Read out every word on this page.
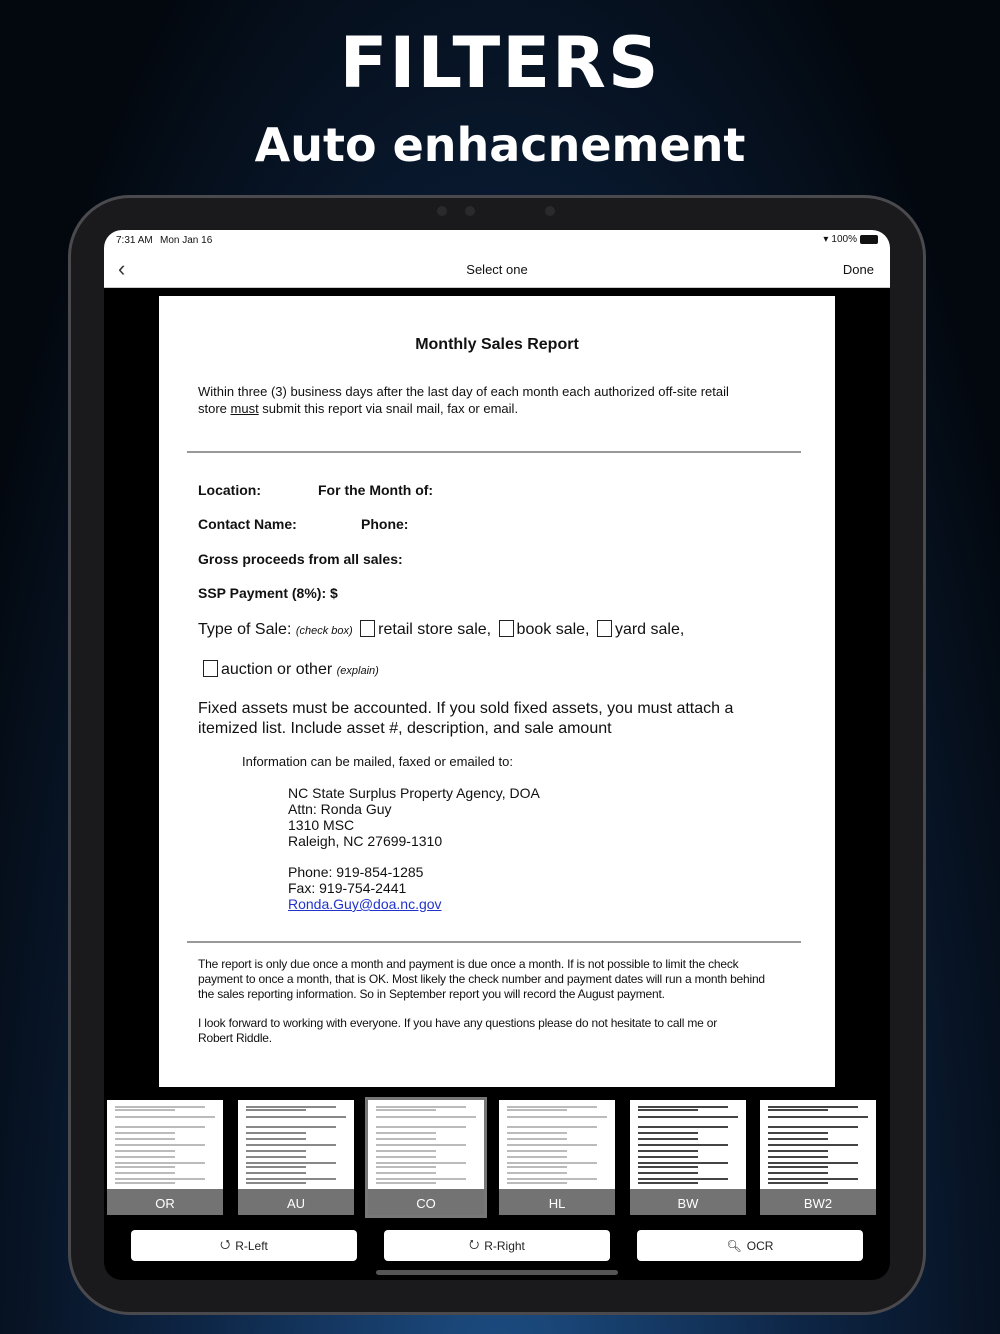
FILTERS
Auto enhacnement
7:31 AM Mon Jan 16	▾ 100%
‹	Select one	Done
Monthly Sales Report
Within three (3) business days after the last day of each month each authorized off-site retail
store must submit this report via snail mail, fax or email.
Location:	For the Month of:
Contact Name:	Phone:
Gross proceeds from all sales:
SSP Payment (8%): $
Type of Sale: (check box) retail store sale, book sale, yard sale,
auction or other (explain)
Fixed assets must be accounted. If you sold fixed assets, you must attach a
itemized list. Include asset #, description, and sale amount
Information can be mailed, faxed or emailed to:
NC State Surplus Property Agency, DOA
Attn: Ronda Guy
1310 MSC
Raleigh, NC 27699-1310
Phone: 919-854-1285
Fax: 919-754-2441
Ronda.Guy@doa.nc.gov
The report is only due once a month and payment is due once a month. If is not possible to limit the check
payment to once a month, that is OK. Most likely the check number and payment dates will run a month behind
the sales reporting information. So in September report you will record the August payment.
I look forward to working with everyone. If you have any questions please do not hesitate to call me or
Robert Riddle.
OR	AU	CO	HL	BW	BW2
⭯ R-Left	⭮ R-Right	🔍︎ OCR
